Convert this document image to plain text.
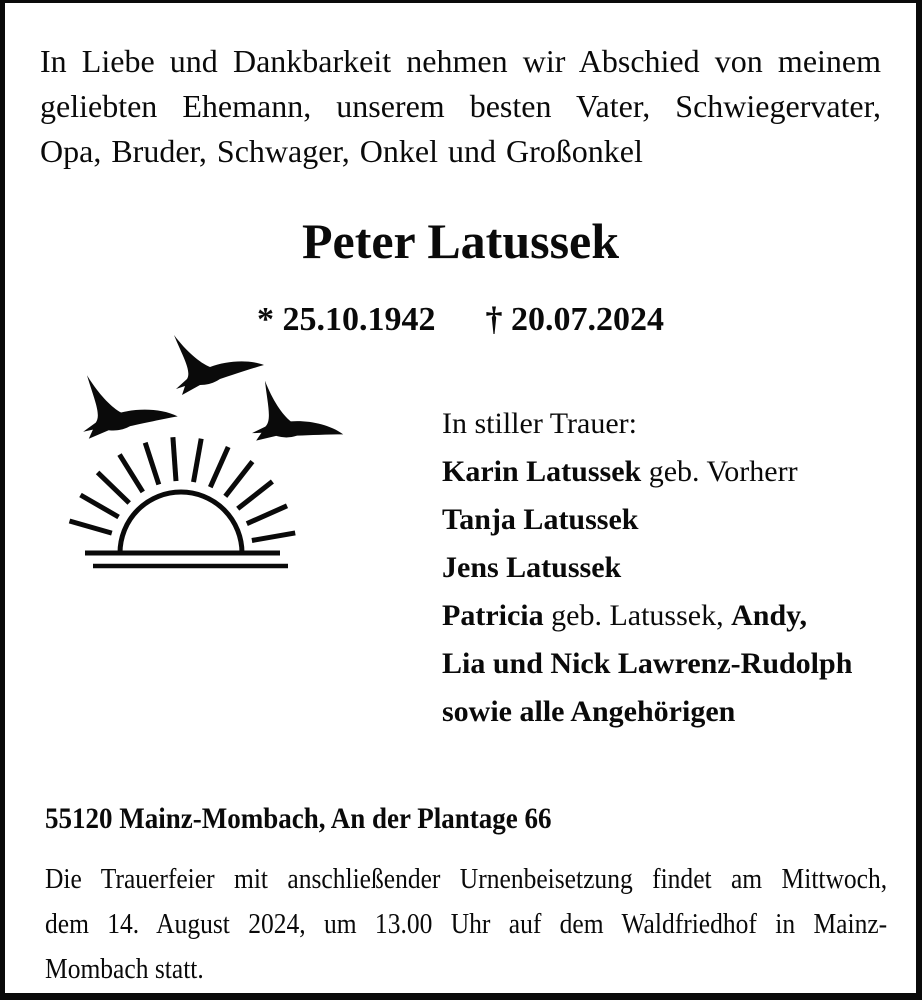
In Liebe und Dankbarkeit nehmen wir Abschied von meinem
geliebten Ehemann, unserem besten Vater, Schwiegervater,
Opa, Bruder, Schwager, Onkel und Großonkel
Peter Latussek
* 25.10.1942 † 20.07.2024
In stiller Trauer:
Karin Latussek geb. Vorherr
Tanja Latussek
Jens Latussek
Patricia geb. Latussek, Andy,
Lia und Nick Lawrenz-Rudolph
sowie alle Angehörigen
55120 Mainz-Mombach, An der Plantage 66
Die Trauerfeier mit anschließender Urnenbeisetzung findet am Mittwoch,
dem 14. August 2024, um 13.00 Uhr auf dem Waldfriedhof in Mainz-
Mombach statt.
